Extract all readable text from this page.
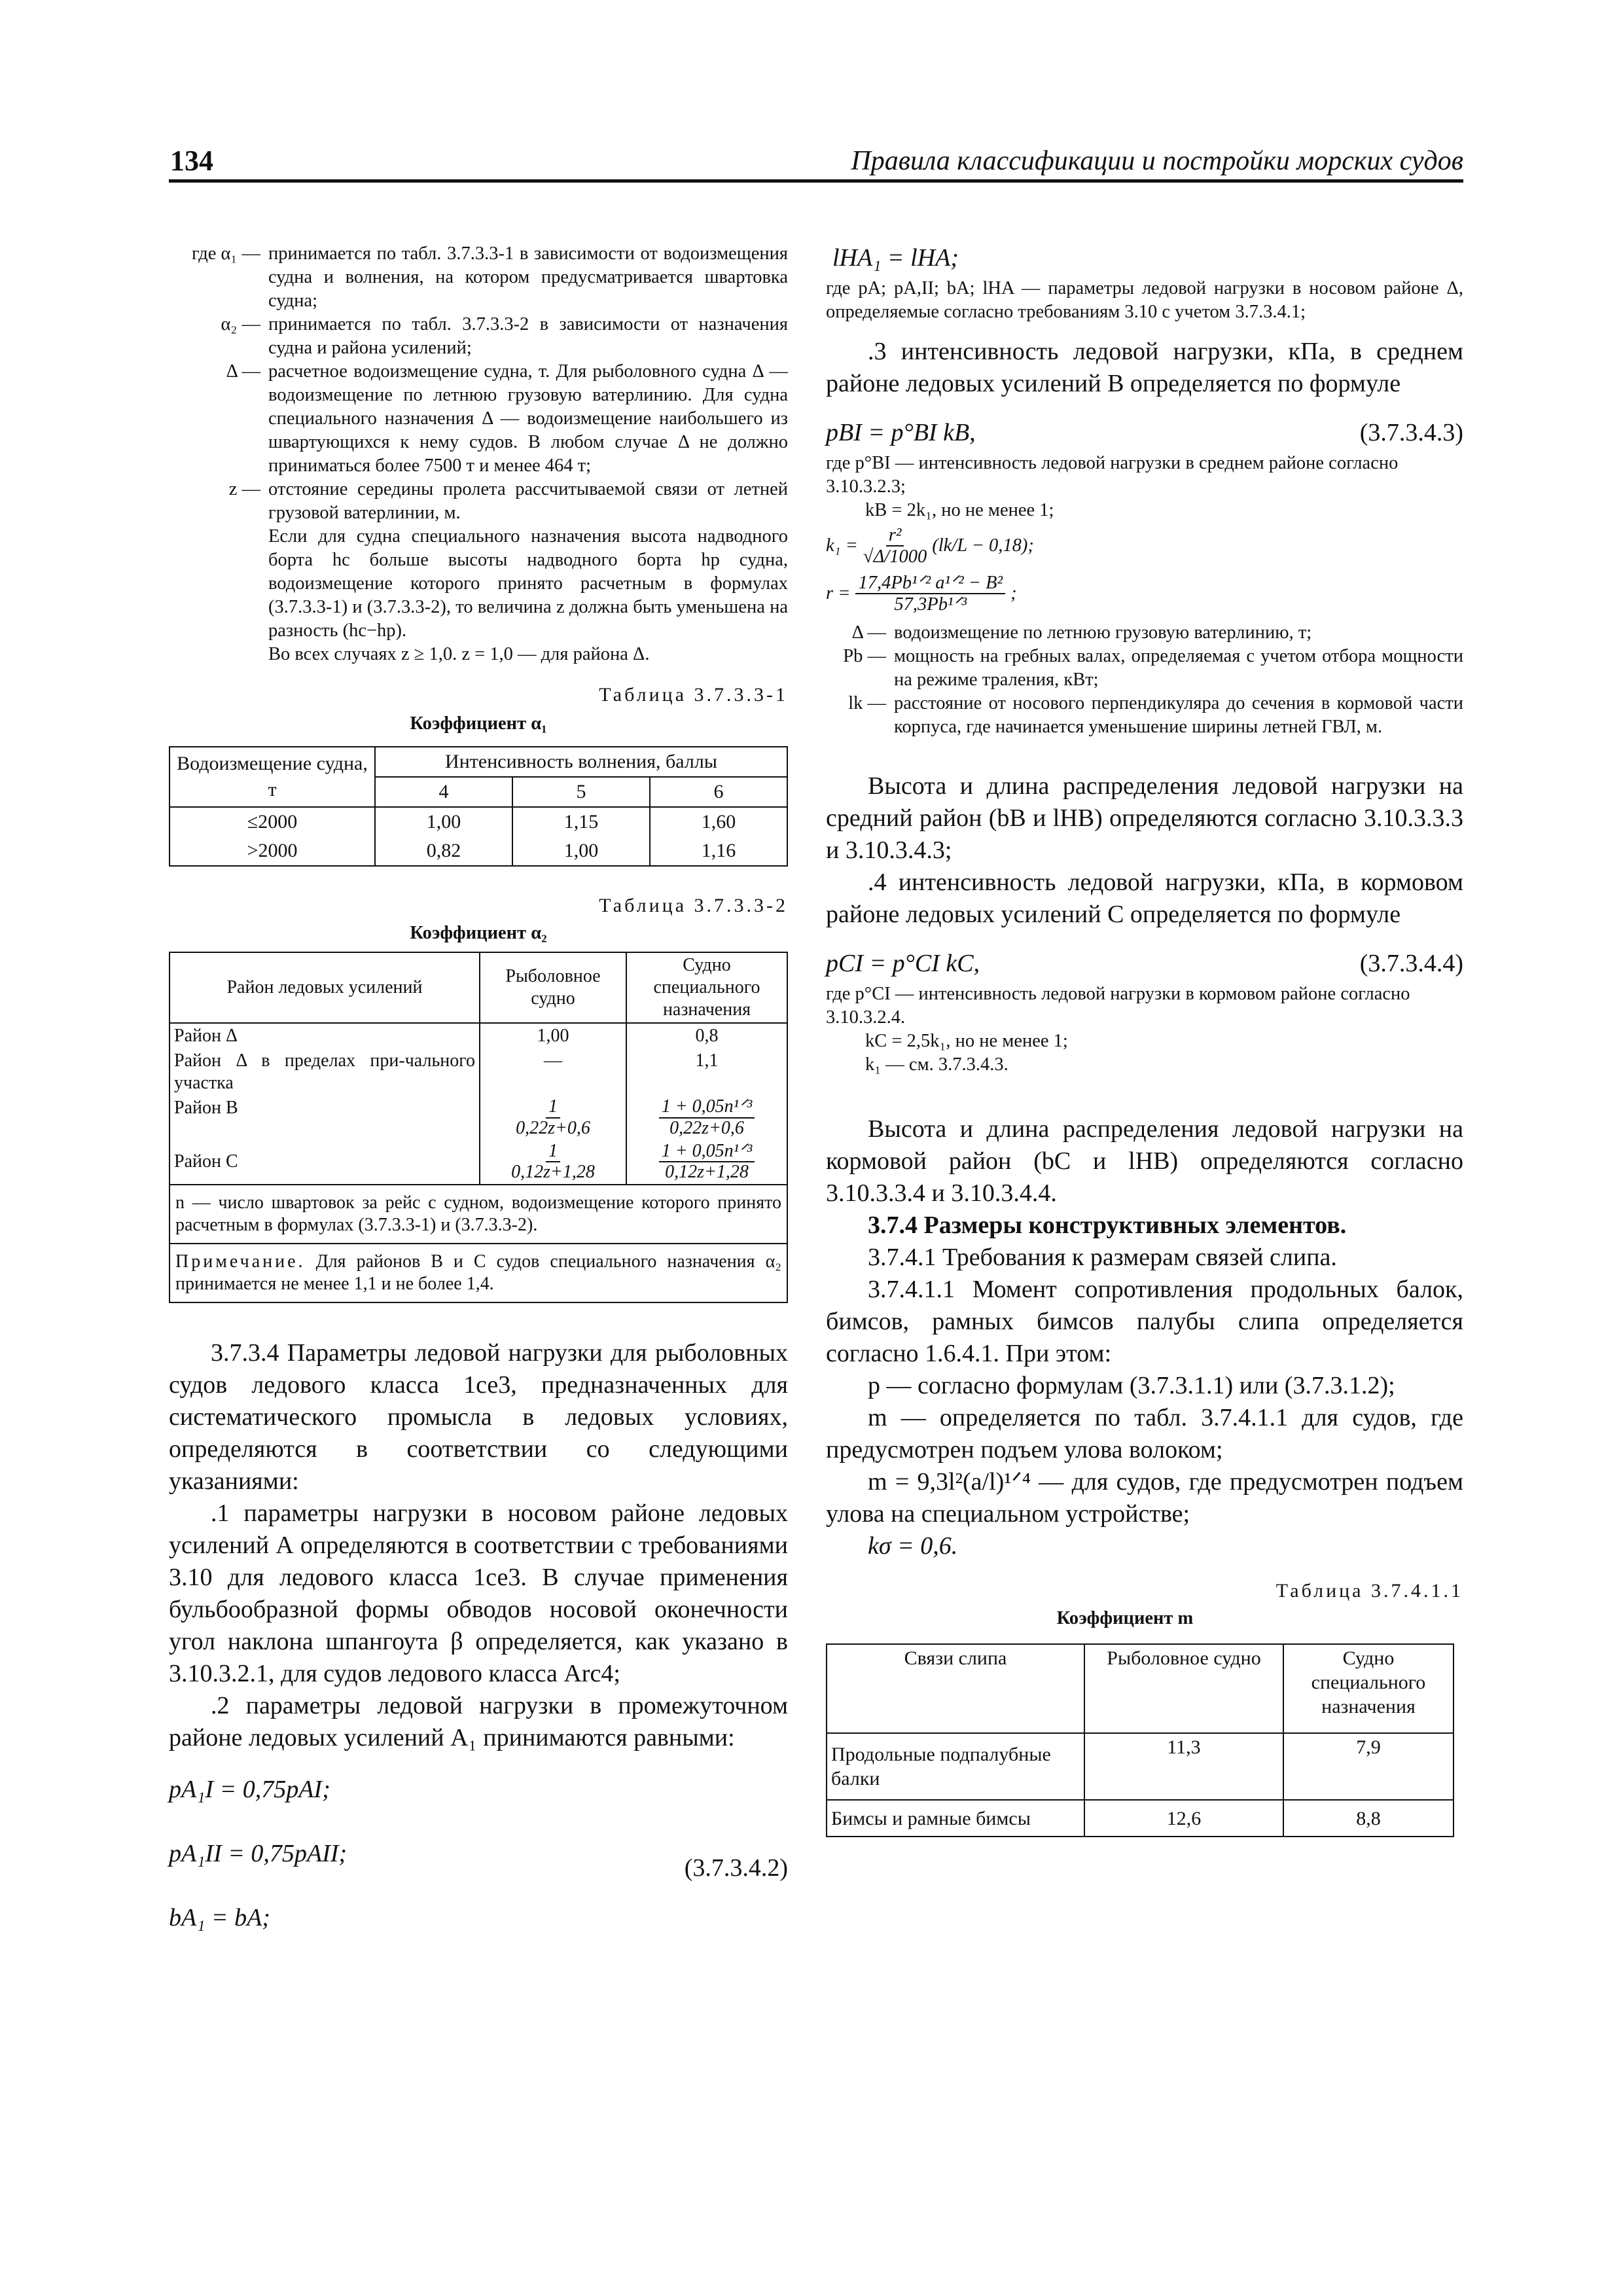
134	Правила классификации и постройки морских судов
где α₁ — принимается по табл. 3.7.3.3-1 в зависимости от водоизмещения судна и волнения, на котором предусматривается швартовка судна;
α₂ — принимается по табл. 3.7.3.3-2 в зависимости от назначения судна и района усилений;
Δ — расчетное водоизмещение судна, т. Для рыболовного судна Δ — водоизмещение по летнюю грузовую ватерлинию. Для судна специального назначения Δ — водоизмещение наибольшего из швартующихся к нему судов. В любом случае Δ не должно приниматься более 7500 т и менее 464 т;
z — отстояние середины пролета рассчитываемой связи от летней грузовой ватерлинии, м.

Если для судна специального назначения высота надводного борта hc больше высоты надводного борта hp судна, водоизмещение которого принято расчетным в формулах (3.7.3.3-1) и (3.7.3.3-2), то величина z должна быть уменьшена на разность (hc−hp).

Во всех случаях z ≥ 1,0. z = 1,0 — для района Δ.

Таблица 3.7.3.3-1

Коэффициент α₁

Водоизмещение судна, т	Интенсивность волнения, баллы		
	4	5	6
≤2000	1,00	1,15	1,60
>2000	0,82	1,00	1,16

Таблица 3.7.3.3-2

Коэффициент α₂

Район ледовых усилений	Рыболовное судно	Судно специального назначения
Район Δ	1,00	0,8
Район Δ в пределах при-чального участка	—	1,1
Район В	$\frac{1}{0,22z+0,6}$	$\frac{\text{1 + 0,05n¹ᐟ³}}{0,22z+0,6}$

Район С	$\frac{1}{0,12z+1,28}$	$\frac{\text{1 + 0,05n¹ᐟ³}}{0,12z+1,28}$

n — число швартовок за рейс с судном, водоизмещение которого принято расчетным в формулах (3.7.3.3-1) и (3.7.3.3-2).		
Примечание. Для районов В и С судов специального назначения α₂ принимается не менее 1,1 и не более 1,4.		

3.7.3.4 Параметры ледовой нагрузки для рыболовных судов ледового класса 1се3, предназначенных для систематического промысла в ледовых условиях, определяются в соответствии со следующими указаниями:

.1 параметры нагрузки в носовом районе ледовых усилений А определяются в соответствии с требованиями 3.10 для ледового класса 1се3. В случае применения бульбообразной формы обводов носовой оконечности угол наклона шпангоута β определяется, как указано в 3.10.3.2.1, для судов ледового класса Arc4;

.2 параметры ледовой нагрузки в промежуточном районе ледовых усилений А₁ принимаются равными:

pA₁I = 0,75pAI;

pA₁II = 0,75pAII;
(3.7.3.4.2)

bA₁ = bA;

lHA₁ = lHA;

где pA; pA,II; bA; lHA — параметры ледовой нагрузки в носовом районе Δ, определяемые согласно требованиям 3.10 с учетом 3.7.3.4.1;

.3 интенсивность ледовой нагрузки, кПа, в среднем районе ледовых усилений В определяется по формуле

pBI = p°BI kB,	(3.7.3.4.3)

где p°BI — интенсивность ледовой нагрузки в среднем районе согласно 3.10.3.2.3;

kB = 2k₁, но не менее 1;

$k_1 = \frac{\text{r²}}{√\Delta/1000} (lk/L - 0,18)$;
$r = \frac{\text{17,4Pb¹ᐟ² a¹ᐟ² − B²}}{\text{57,3Pb¹ᐟ³}}$ ;
Δ — водоизмещение по летнюю грузовую ватерлинию, т;
Pb — мощность на гребных валах, определяемая с учетом отбора мощности на режиме траления, кВт;
lk — расстояние от носового перпендикуляра до сечения в кормовой части корпуса, где начинается уменьшение ширины летней ГВЛ, м.

Высота и длина распределения ледовой нагрузки на средний район (bB и lHB) определяются согласно 3.10.3.3.3 и 3.10.3.4.3;

.4 интенсивность ледовой нагрузки, кПа, в кормовом районе ледовых усилений С определяется по формуле

pCI = p°CI kC,	(3.7.3.4.4)

где p°CI — интенсивность ледовой нагрузки в кормовом районе согласно 3.10.3.2.4.

kC = 2,5k₁, но не менее 1;

k₁ — см. 3.7.3.4.3.

Высота и длина распределения ледовой нагрузки на кормовой район (bC и lHB) определяются согласно 3.10.3.3.4 и 3.10.3.4.4.

3.7.4 Размеры конструктивных элементов.

3.7.4.1 Требования к размерам связей слипа.

3.7.4.1.1 Момент сопротивления продольных балок, бимсов, рамных бимсов палубы слипа определяется согласно 1.6.4.1. При этом:

p — согласно формулам (3.7.3.1.1) или (3.7.3.1.2);

m — определяется по табл. 3.7.4.1.1 для судов, где предусмотрен подъем улова волоком;

m = 9,3l²(a/l)¹ᐟ⁴ — для судов, где предусмотрен подъем улова на специальном устройстве;

kσ = 0,6.

Таблица 3.7.4.1.1

Коэффициент m

Связи слипа	Рыболовное судно	Судно специального назначения
Продольные подпалубные балки	11,3	7,9
Бимсы и рамные бимсы	12,6	8,8
